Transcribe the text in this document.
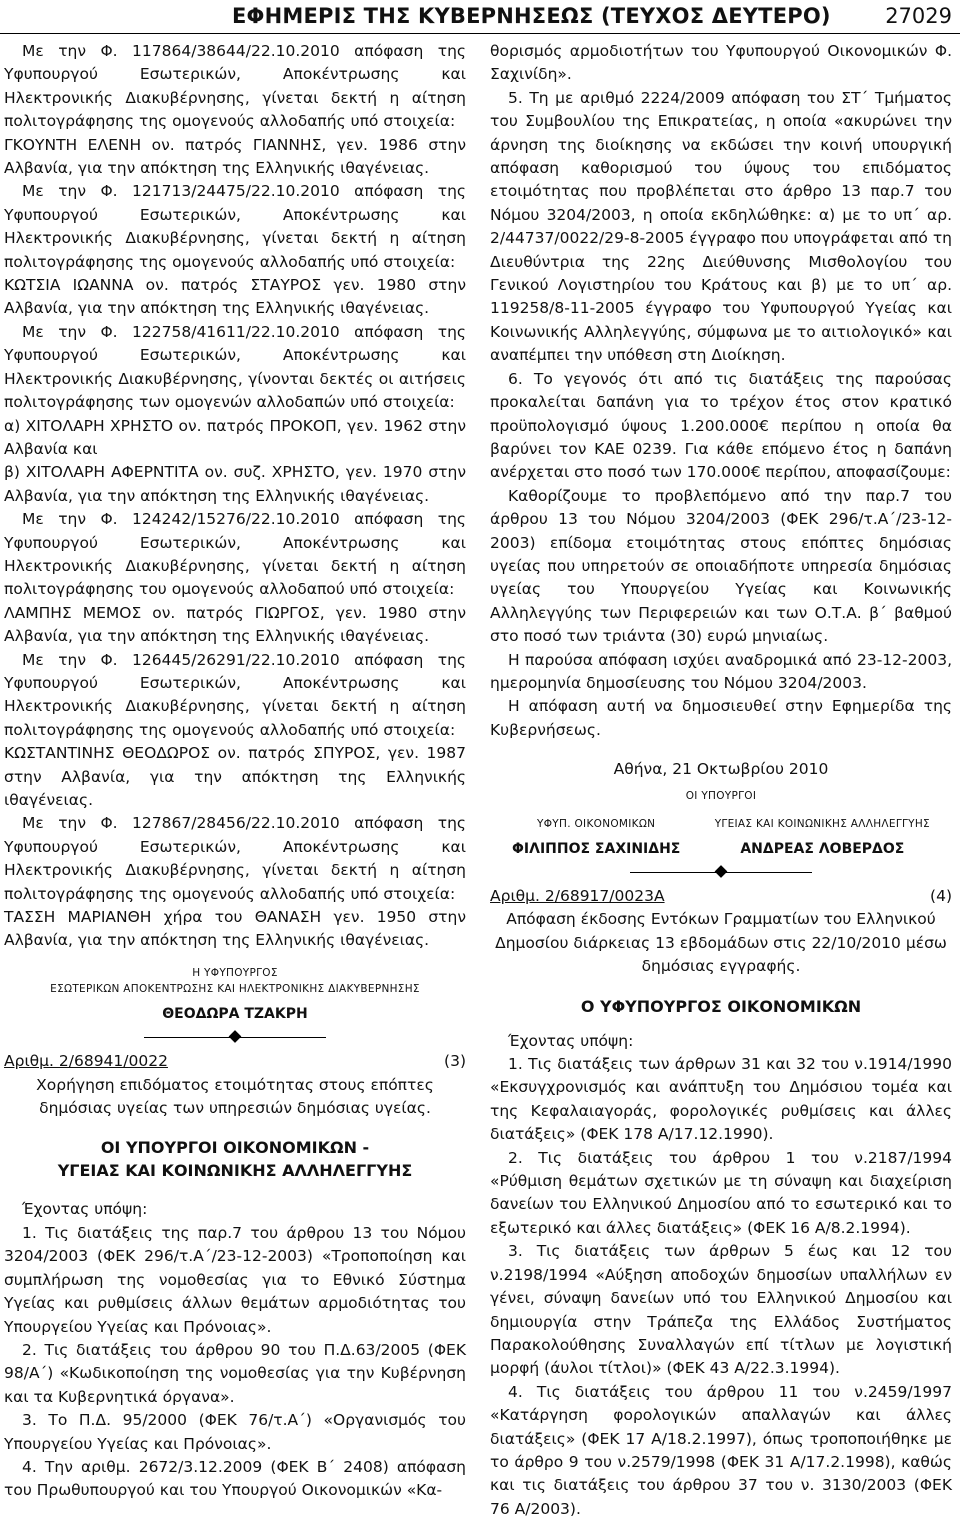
ΕΦΗΜΕΡΙΣ ΤΗΣ ΚΥΒΕΡΝΗΣΕΩΣ (ΤΕΥΧΟΣ ΔΕΥΤΕΡΟ)	27029

Με την Φ. 117864/38644/22.10.2010 απόφαση της Υφυπουργού Εσωτερικών, Αποκέντρωσης και Ηλεκτρονικής Διακυβέρνησης, γίνεται δεκτή η αίτηση πολιτογράφησης της ομογενούς αλλοδαπής υπό στοιχεία:

ΓΚΟΥΝΤΗ ΕΛΕΝΗ ον. πατρός ΓΙΑΝΝΗΣ, γεν. 1986 στην Αλβανία, για την απόκτηση της Ελληνικής ιθαγένειας.

Με την Φ. 121713/24475/22.10.2010 απόφαση της Υφυπουργού Εσωτερικών, Αποκέντρωσης και Ηλεκτρονικής Διακυβέρνησης, γίνεται δεκτή η αίτηση πολιτογράφησης της ομογενούς αλλοδαπής υπό στοιχεία:

ΚΩΤΣΙΑ ΙΩΑΝΝΑ ον. πατρός ΣΤΑΥΡΟΣ γεν. 1980 στην Αλβανία, για την απόκτηση της Ελληνικής ιθαγένειας.

Με την Φ. 122758/41611/22.10.2010 απόφαση της Υφυπουργού Εσωτερικών, Αποκέντρωσης και Ηλεκτρονικής Διακυβέρνησης, γίνονται δεκτές οι αιτήσεις πολιτογράφησης των ομογενών αλλοδαπών υπό στοιχεία:

α) ΧΙΤΟΛΑΡΗ ΧΡΗΣΤΟ ον. πατρός ΠΡΟΚΟΠ, γεν. 1962 στην Αλβανία και

β) ΧΙΤΟΛΑΡΗ ΑΦΕΡΝΤΙΤΑ ον. συζ. ΧΡΗΣΤΟ, γεν. 1970 στην Αλβανία, για την απόκτηση της Ελληνικής ιθαγένειας.

Με την Φ. 124242/15276/22.10.2010 απόφαση της Υφυπουργού Εσωτερικών, Αποκέντρωσης και Ηλεκτρονικής Διακυβέρνησης, γίνεται δεκτή η αίτηση πολιτογράφησης του ομογενούς αλλοδαπού υπό στοιχεία:

ΛΑΜΠΗΣ ΜΕΜΟΣ ον. πατρός ΓΙΩΡΓΟΣ, γεν. 1980 στην Αλβανία, για την απόκτηση της Ελληνικής ιθαγένειας.

Με την Φ. 126445/26291/22.10.2010 απόφαση της Υφυπουργού Εσωτερικών, Αποκέντρωσης και Ηλεκτρονικής Διακυβέρνησης, γίνεται δεκτή η αίτηση πολιτογράφησης της ομογενούς αλλοδαπής υπό στοιχεία:

ΚΩΣΤΑΝΤΙΝΗΣ ΘΕΟΔΩΡΟΣ ον. πατρός ΣΠΥΡΟΣ, γεν. 1987 στην Αλβανία, για την απόκτηση της Ελληνικής ιθαγένειας.

Με την Φ. 127867/28456/22.10.2010 απόφαση της Υφυπουργού Εσωτερικών, Αποκέντρωσης και Ηλεκτρονικής Διακυβέρνησης, γίνεται δεκτή η αίτηση πολιτογράφησης της ομογενούς αλλοδαπής υπό στοιχεία:

ΤΑΣΣΗ ΜΑΡΙΑΝΘΗ χήρα του ΘΑΝΑΣΗ γεν. 1950 στην Αλβανία, για την απόκτηση της Ελληνικής ιθαγένειας.

Η ΥΦΥΠΟΥΡΓΟΣ

ΕΣΩΤΕΡΙΚΩΝ ΑΠΟΚΕΝΤΡΩΣΗΣ ΚΑΙ ΗΛΕΚΤΡΟΝΙΚΗΣ ΔΙΑΚΥΒΕΡΝΗΣΗΣ

ΘΕΟΔΩΡΑ ΤΖΑΚΡΗ

Αριθμ. 2/68941/0022	(3)

Χορήγηση επιδόματος ετοιμότητας στους επόπτες δημόσιας υγείας των υπηρεσιών δημόσιας υγείας.

ΟΙ ΥΠΟΥΡΓΟΙ ΟΙΚΟΝΟΜΙΚΩΝ -

ΥΓΕΙΑΣ ΚΑΙ ΚΟΙΝΩΝΙΚΗΣ ΑΛΛΗΛΕΓΓΥΗΣ

Έχοντας υπόψη:

1. Τις διατάξεις της παρ.7 του άρθρου 13 του Νόμου 3204/2003 (ΦΕΚ 296/τ.Α΄/23-12-2003) «Τροποποίηση και συμπλήρωση της νομοθεσίας για το Εθνικό Σύστημα Υγείας και ρυθμίσεις άλλων θεμάτων αρμοδιότητας του Υπουργείου Υγείας και Πρόνοιας».

2. Τις διατάξεις του άρθρου 90 του Π.Δ.63/2005 (ΦΕΚ 98/Α΄) «Κωδικοποίηση της νομοθεσίας για την Κυβέρνηση και τα Κυβερνητικά όργανα».

3. Το Π.Δ. 95/2000 (ΦΕΚ 76/τ.Α΄) «Οργανισμός του Υπουργείου Υγείας και Πρόνοιας».

4. Την αριθμ. 2672/3.12.2009 (ΦΕΚ Β΄ 2408) απόφαση του Πρωθυπουργού και του Υπουργού Οικονομικών «Κα-

θορισμός αρμοδιοτήτων του Υφυπουργού Οικονομικών Φ. Σαχινίδη».

5. Τη με αριθμό 2224/2009 απόφαση του ΣΤ΄ Τμήματος του Συμβουλίου της Επικρατείας, η οποία «ακυρώνει την άρνηση της διοίκησης να εκδώσει την κοινή υπουργική απόφαση καθορισμού του ύψους του επιδόματος ετοιμότητας που προβλέπεται στο άρθρο 13 παρ.7 του Νόμου 3204/2003, η οποία εκδηλώθηκε: α) με το υπ΄ αρ. 2/44737/0022/29-8-2005 έγγραφο που υπογράφεται από τη Διευθύντρια της 22ης Διεύθυνσης Μισθολογίου του Γενικού Λογιστηρίου του Κράτους και β) με το υπ΄ αρ. 119258/8-11-2005 έγγραφο του Υφυπουργού Υγείας και Κοινωνικής Αλληλεγγύης, σύμφωνα με το αιτιολογικό» και αναπέμπει την υπόθεση στη Διοίκηση.

6. Το γεγονός ότι από τις διατάξεις της παρούσας προκαλείται δαπάνη για το τρέχον έτος στον κρατικό προϋπολογισμό ύψους 1.200.000€ περίπου η οποία θα βαρύνει τον ΚΑΕ 0239. Για κάθε επόμενο έτος η δαπάνη ανέρχεται στο ποσό των 170.000€ περίπου, αποφασίζουμε:

Καθορίζουμε το προβλεπόμενο από την παρ.7 του άρθρου 13 του Νόμου 3204/2003 (ΦΕΚ 296/τ.Α΄/23-12-2003) επίδομα ετοιμότητας στους επόπτες δημόσιας υγείας που υπηρετούν σε οποιαδήποτε υπηρεσία δημόσιας υγείας του Υπουργείου Υγείας και Κοινωνικής Αλληλεγγύης των Περιφερειών και των Ο.Τ.Α. β΄ βαθμού στο ποσό των τριάντα (30) ευρώ μηνιαίως.

Η παρούσα απόφαση ισχύει αναδρομικά από 23-12-2003, ημερομηνία δημοσίευσης του Νόμου 3204/2003.

Η απόφαση αυτή να δημοσιευθεί στην Εφημερίδα της Κυβερνήσεως.

Αθήνα, 21 Οκτωβρίου 2010

ΟΙ ΥΠΟΥΡΓΟΙ

ΥΦΥΠ. ΟΙΚΟΝΟΜΙΚΩΝ
ΦΙΛΙΠΠΟΣ ΣΑΧΙΝΙΔΗΣ
ΥΓΕΙΑΣ ΚΑΙ ΚΟΙΝΩΝΙΚΗΣ ΑΛΛΗΛΕΓΓΥΗΣ
ΑΝΔΡΕΑΣ ΛΟΒΕΡΔΟΣ
Αριθμ. 2/68917/0023Α	(4)

Απόφαση έκδοσης Εντόκων Γραμματίων του Ελληνικού Δημοσίου διάρκειας 13 εβδομάδων στις 22/10/2010 μέσω δημόσιας εγγραφής.

Ο ΥΦΥΠΟΥΡΓΟΣ ΟΙΚΟΝΟΜΙΚΩΝ

Έχοντας υπόψη:

1. Τις διατάξεις των άρθρων 31 και 32 του ν.1914/1990 «Εκσυγχρονισμός και ανάπτυξη του Δημόσιου τομέα και της Κεφαλαιαγοράς, φορολογικές ρυθμίσεις και άλλες διατάξεις» (ΦΕΚ 178 Α/17.12.1990).

2. Τις διατάξεις του άρθρου 1 του ν.2187/1994 «Ρύθμιση θεμάτων σχετικών με τη σύναψη και διαχείριση δανείων του Ελληνικού Δημοσίου από το εσωτερικό και το εξωτερικό και άλλες διατάξεις» (ΦΕΚ 16 Α/8.2.1994).

3. Τις διατάξεις των άρθρων 5 έως και 12 του ν.2198/1994 «Αύξηση αποδοχών δημοσίων υπαλλήλων εν γένει, σύναψη δανείων υπό του Ελληνικού Δημοσίου και δημιουργία στην Τράπεζα της Ελλάδος Συστήματος Παρακολούθησης Συναλλαγών επί τίτλων με λογιστική μορφή (άυλοι τίτλοι)» (ΦΕΚ 43 Α/22.3.1994).

4. Τις διατάξεις του άρθρου 11 του ν.2459/1997 «Κατάργηση φορολογικών απαλλαγών και άλλες διατάξεις» (ΦΕΚ 17 Α/18.2.1997), όπως τροποποιήθηκε με το άρθρο 9 του ν.2579/1998 (ΦΕΚ 31 Α/17.2.1998), καθώς και τις διατάξεις του άρθρου 37 του ν. 3130/2003 (ΦΕΚ 76 Α/2003).
